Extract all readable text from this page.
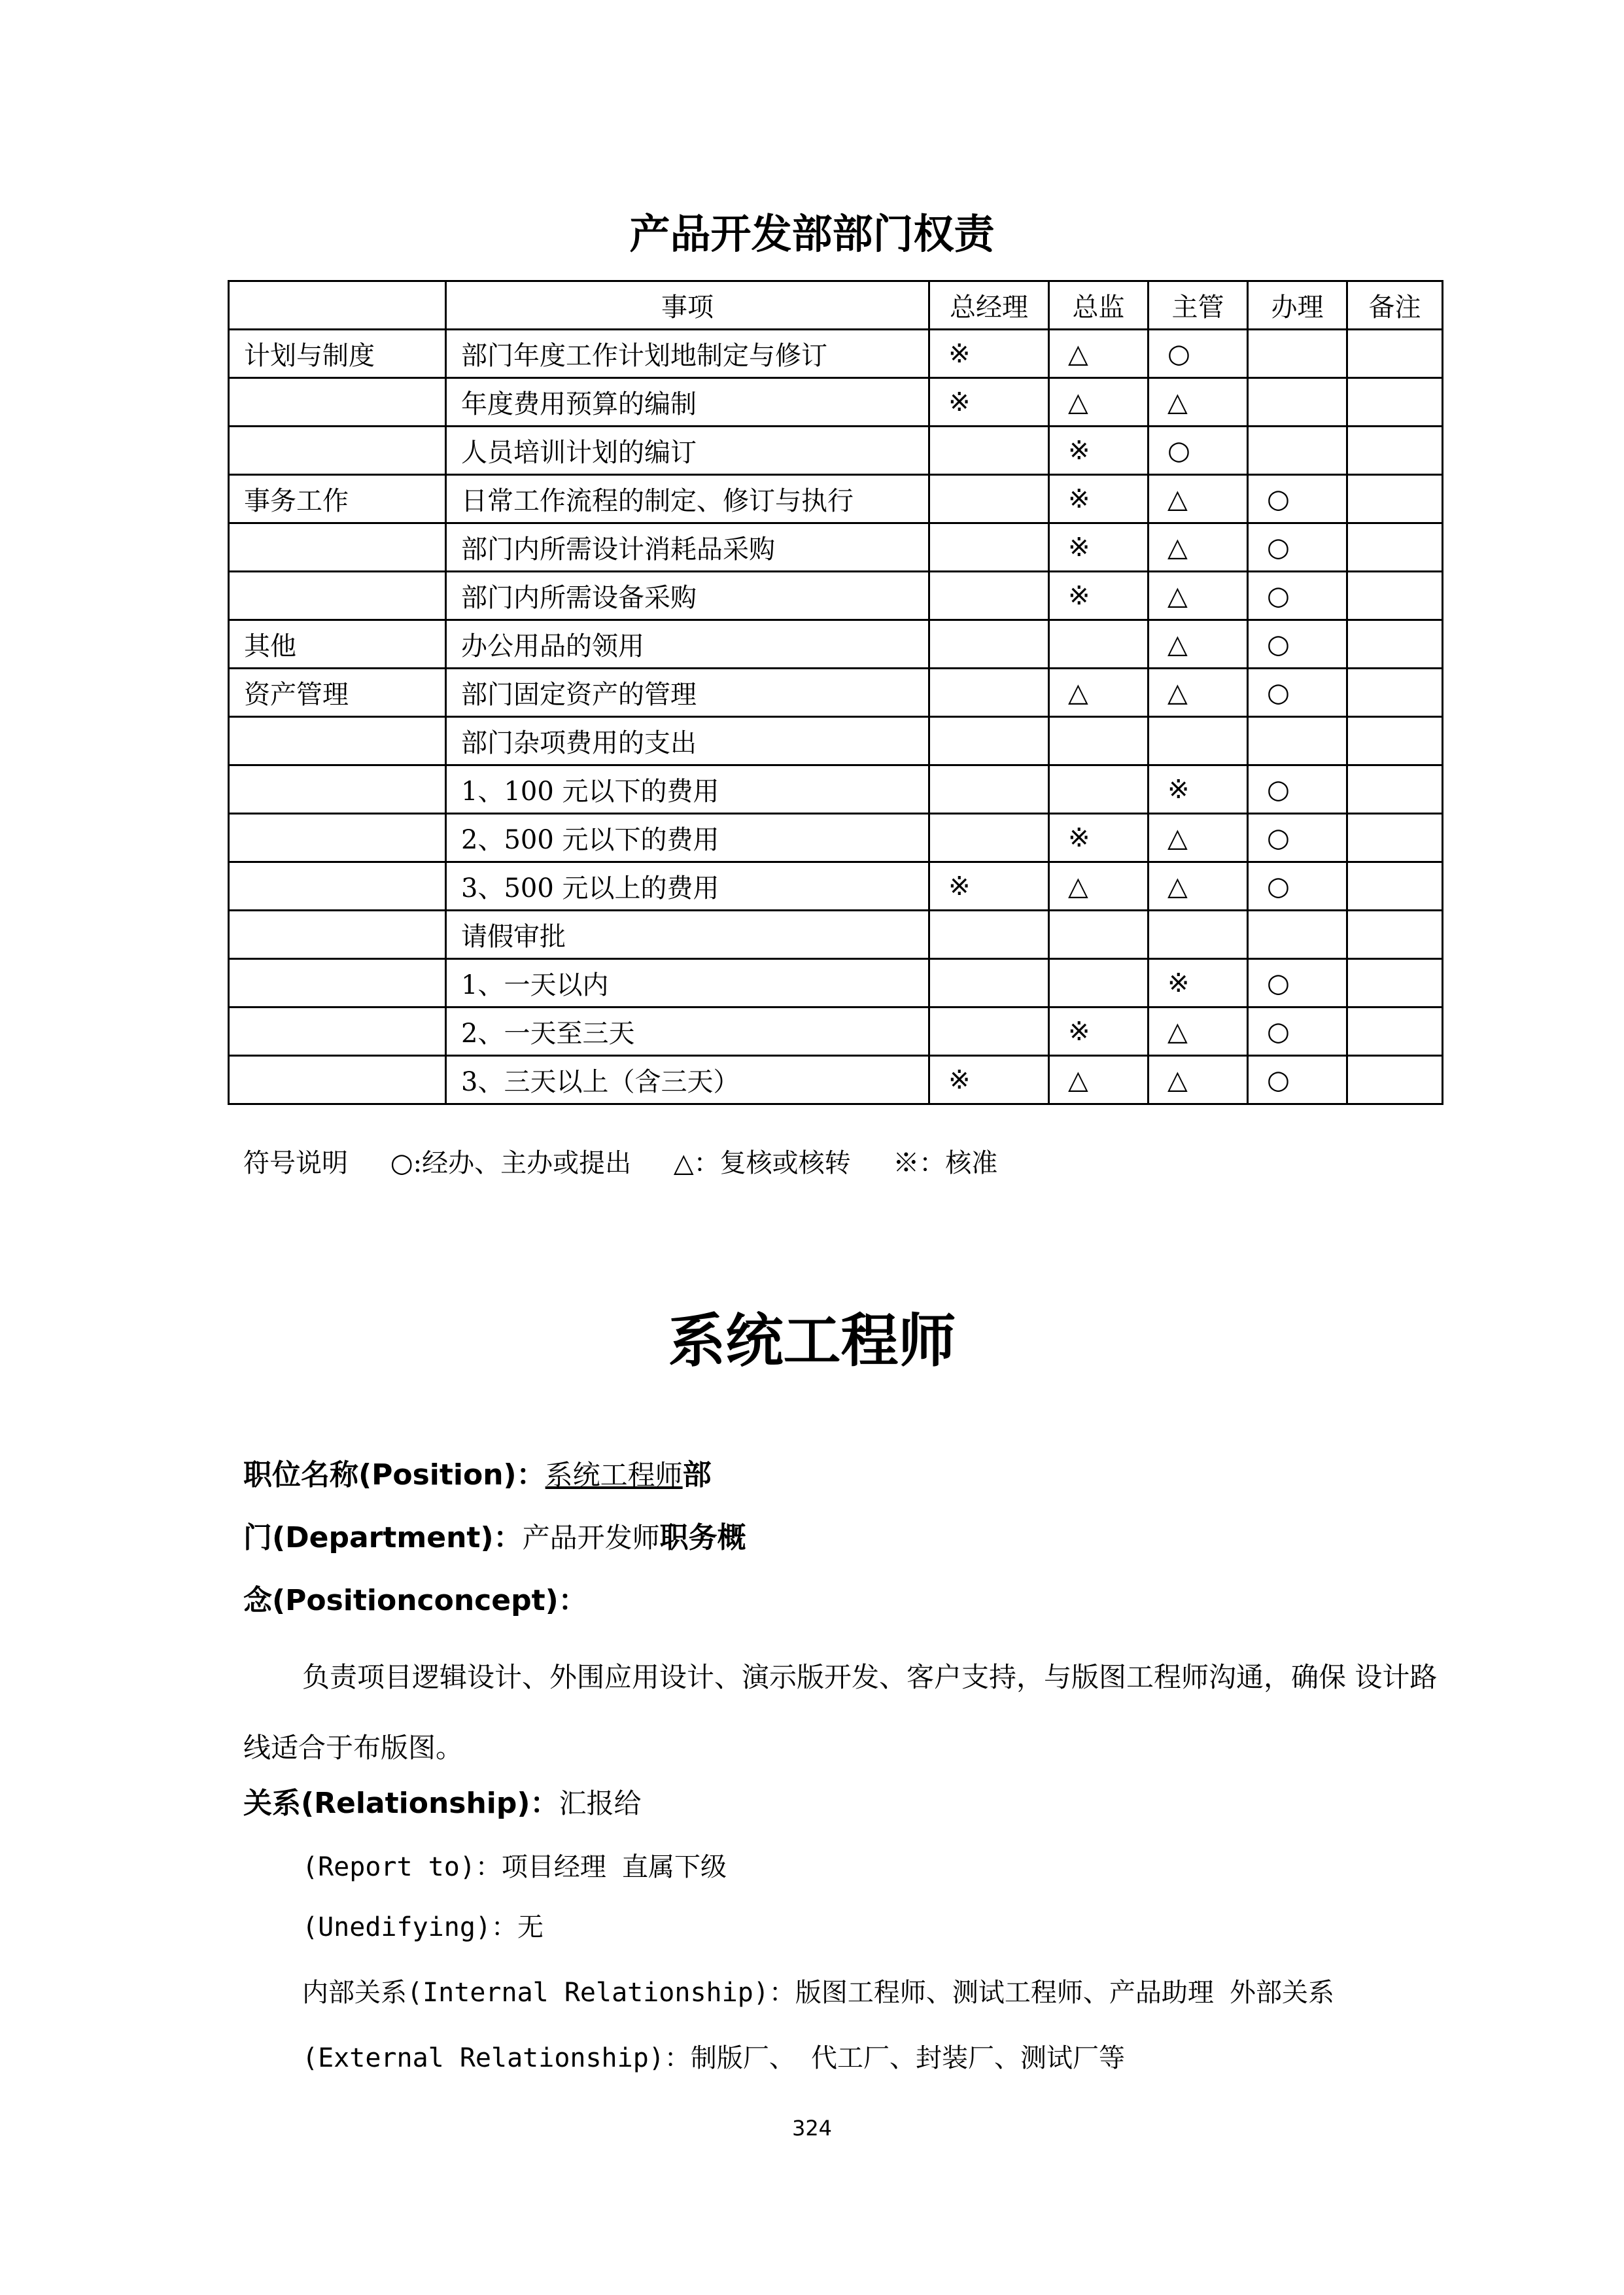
产品开发部部门权责
	事项	总经理	总监	主管	办理	备注
计划与制度	部门年度工作计划地制定与修订	※	△	○		
	年度费用预算的编制	※	△	△		
	人员培训计划的编订		※	○		
事务工作	日常工作流程的制定、修订与执行		※	△	○	
	部门内所需设计消耗品采购		※	△	○	
	部门内所需设备采购		※	△	○	
其他	办公用品的领用			△	○	
资产管理	部门固定资产的管理		△	△	○	
	部门杂项费用的支出					
	1、100 元以下的费用			※	○	
	2、500 元以下的费用		※	△	○	
	3、500 元以上的费用	※	△	△	○	
	请假审批					
	1、一天以内			※	○	
	2、一天至三天		※	△	○	
	3、三天以上（含三天）	※	△	△	○	
符号说明 ○:经办、主办或提出 △：复核或核转 ※：核准
系统工程师
职位名称(Position)：系统工程师部
门(Department)：产品开发师职务概
念(Positionconcept)：
负责项目逻辑设计、外围应用设计、演示版开发、客户支持，与版图工程师沟通，确保 设计路线适合于布版图。
关系(Relationship)：汇报给
(Report to)：项目经理 直属下级
(Unedifying)：无
内部关系(Internal Relationship)：版图工程师、测试工程师、产品助理 外部关系
(External Relationship)：制版厂、 代工厂、封装厂、测试厂等
324
